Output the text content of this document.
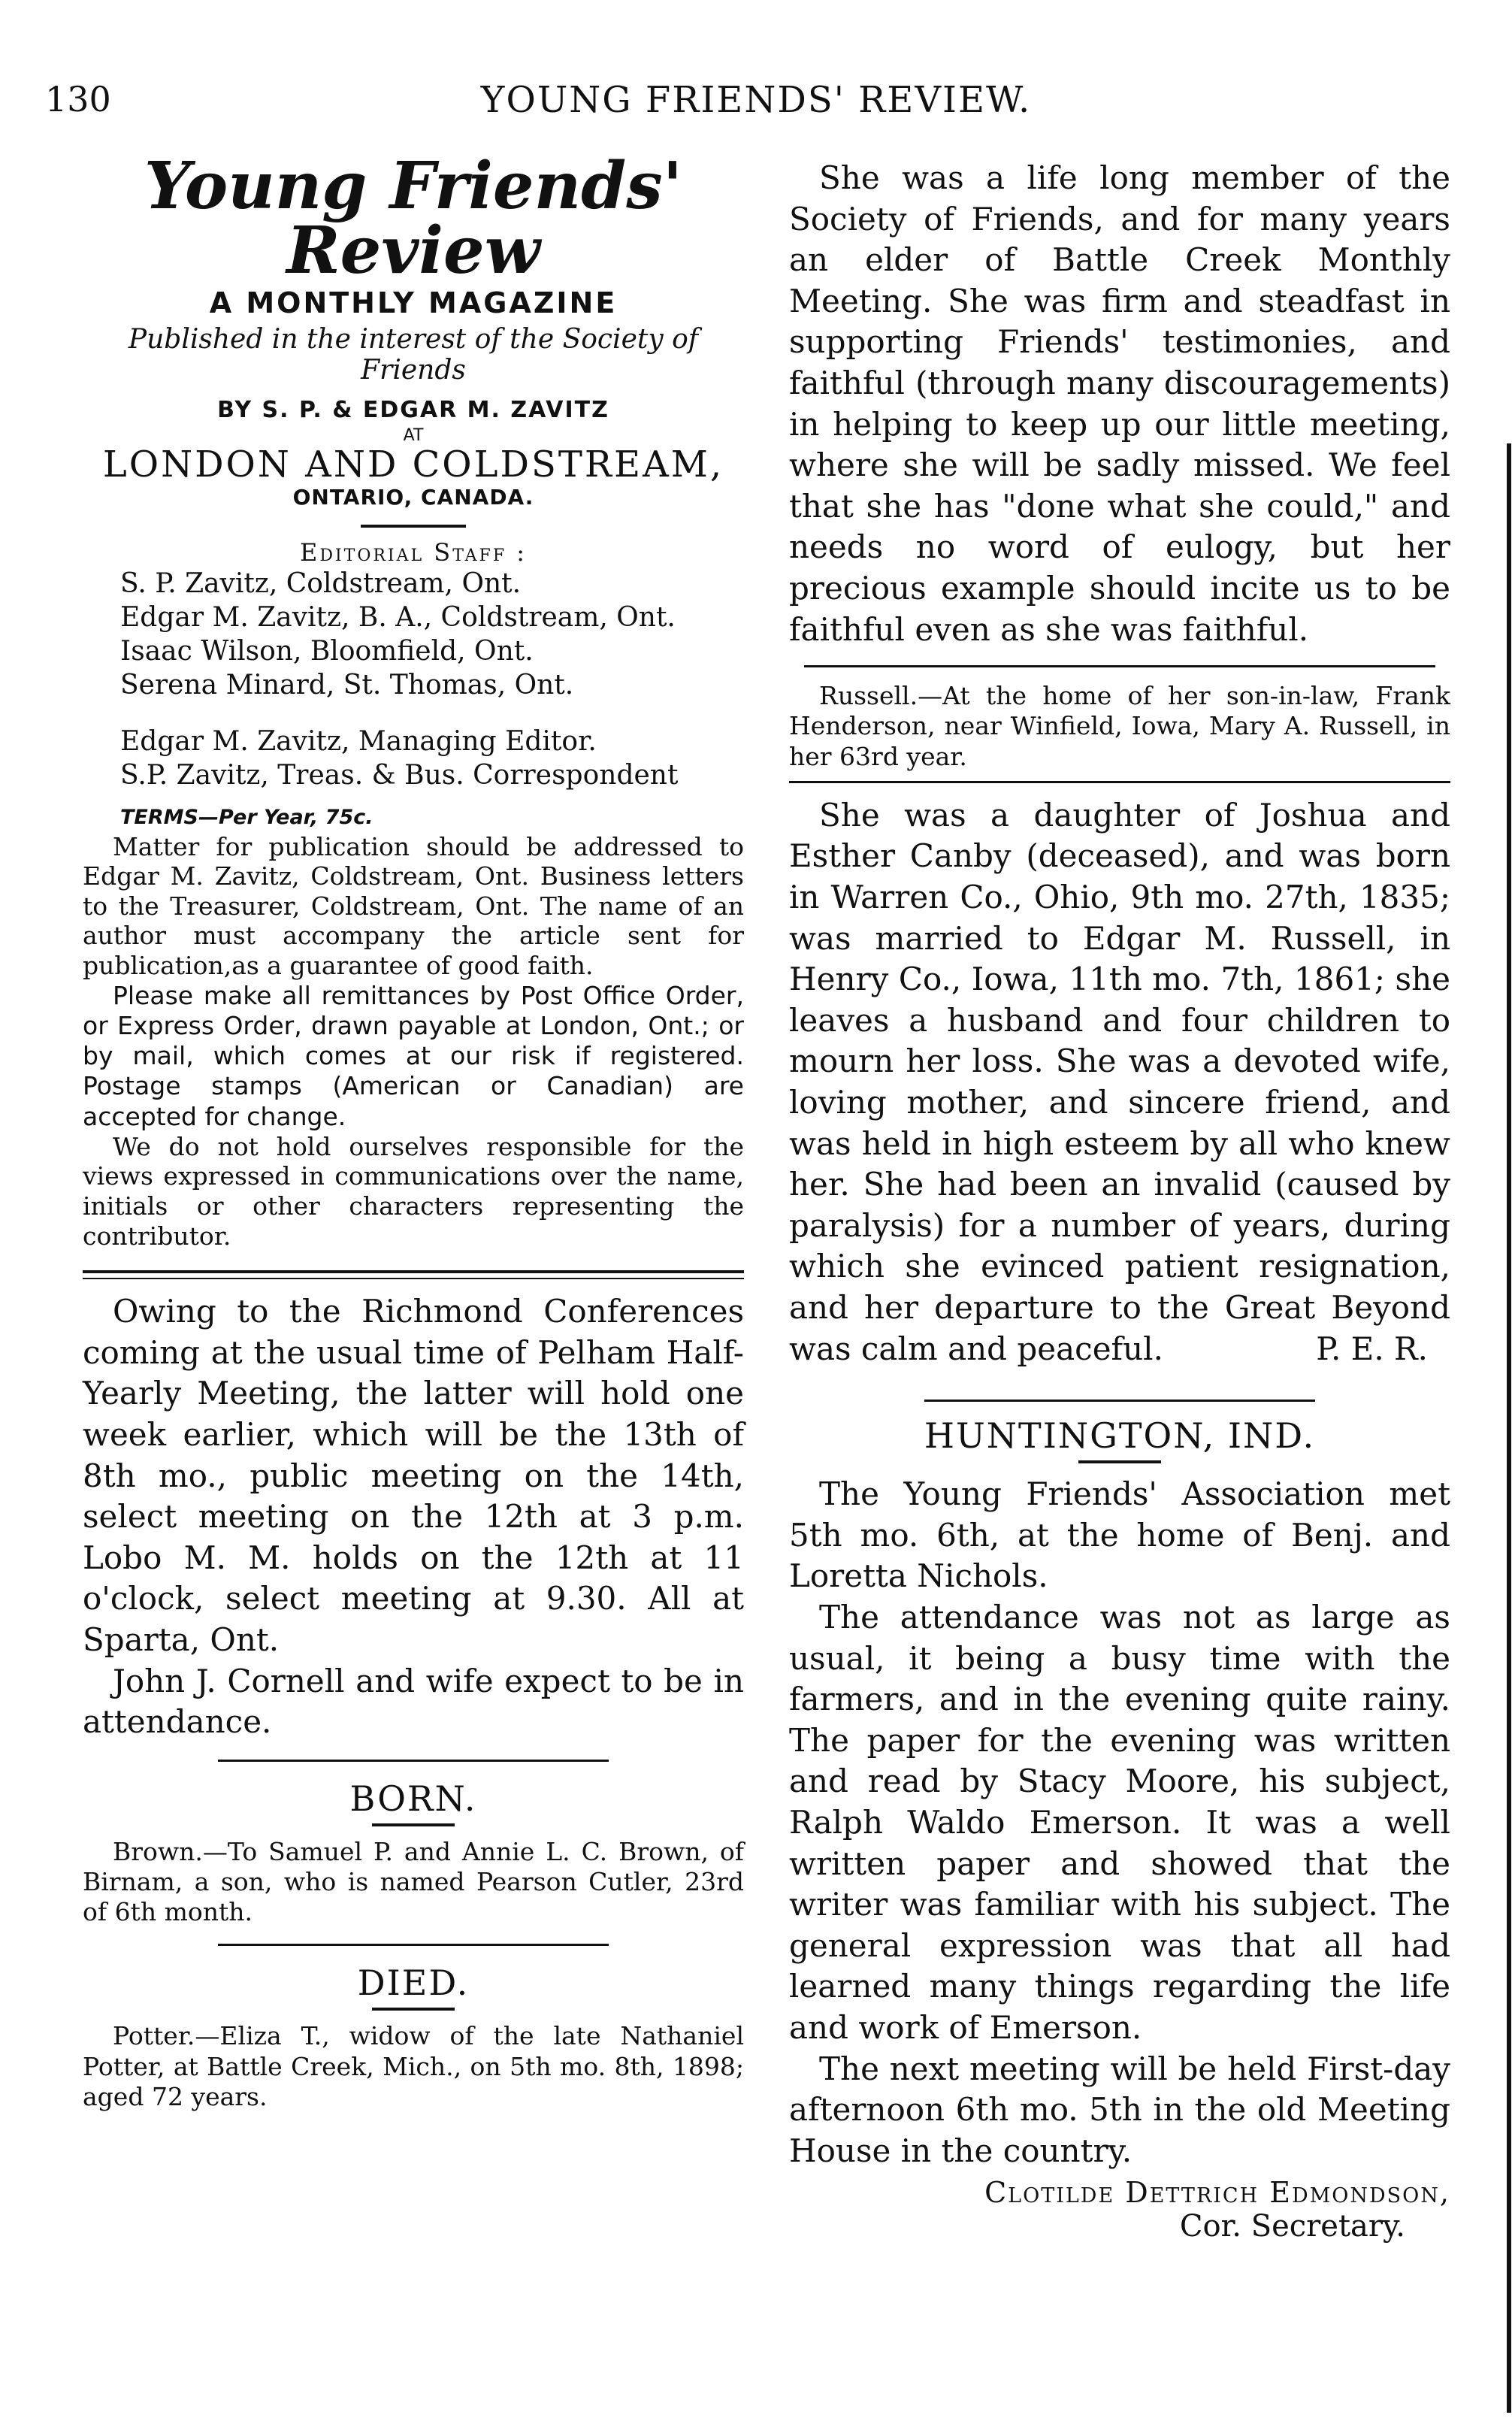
130	YOUNG FRIENDS' REVIEW.
Young Friends' Review
A MONTHLY MAGAZINE
Published in the interest of the Society of Friends
BY S. P. & EDGAR M. ZAVITZ
AT
LONDON AND COLDSTREAM,
ONTARIO, CANADA.
Editorial Staff :
S. P. Zavitz, Coldstream, Ont.
Edgar M. Zavitz, B. A., Coldstream, Ont.
Isaac Wilson, Bloomfield, Ont.
Serena Minard, St. Thomas, Ont.
Edgar M. Zavitz, Managing Editor.
S.P. Zavitz, Treas. & Bus. Correspondent
TERMS—Per Year, 75c.

Matter for publication should be addressed to Edgar M. Zavitz, Coldstream, Ont. Business letters to the Treasurer, Coldstream, Ont. The name of an author must accompany the article sent for publication,as a guarantee of good faith.

Please make all remittances by Post Office Order, or Express Order, drawn payable at London, Ont.; or by mail, which comes at our risk if registered. Postage stamps (American or Canadian) are accepted for change.

We do not hold ourselves responsible for the views expressed in communications over the name, initials or other characters representing the contributor.

Owing to the Richmond Conferences coming at the usual time of Pelham Half-Yearly Meeting, the latter will hold one week earlier, which will be the 13th of 8th mo., public meeting on the 14th, select meeting on the 12th at 3 p.m. Lobo M. M. holds on the 12th at 11 o'clock, select meeting at 9.30. All at Sparta, Ont.

John J. Cornell and wife expect to be in attendance.

BORN.

Brown.—To Samuel P. and Annie L. C. Brown, of Birnam, a son, who is named Pearson Cutler, 23rd of 6th month.

DIED.

Potter.—Eliza T., widow of the late Nathaniel Potter, at Battle Creek, Mich., on 5th mo. 8th, 1898; aged 72 years.

She was a life long member of the Society of Friends, and for many years an elder of Battle Creek Monthly Meeting. She was firm and steadfast in supporting Friends' testimonies, and faithful (through many discouragements) in helping to keep up our little meeting, where she will be sadly missed. We feel that she has "done what she could," and needs no word of eulogy, but her precious example should incite us to be faithful even as she was faithful.

Russell.—At the home of her son-in-law, Frank Henderson, near Winfield, Iowa, Mary A. Russell, in her 63rd year.

She was a daughter of Joshua and Esther Canby (deceased), and was born in Warren Co., Ohio, 9th mo. 27th, 1835; was married to Edgar M. Russell, in Henry Co., Iowa, 11th mo. 7th, 1861; she leaves a husband and four children to mourn her loss. She was a devoted wife, loving mother, and sincere friend, and was held in high esteem by all who knew her. She had been an invalid (caused by paralysis) for a number of years, during which she evinced patient resignation, and her departure to the Great Beyond was calm and peaceful.	P. E. R.

HUNTINGTON, IND.

The Young Friends' Association met 5th mo. 6th, at the home of Benj. and Loretta Nichols.

The attendance was not as large as usual, it being a busy time with the farmers, and in the evening quite rainy. The paper for the evening was written and read by Stacy Moore, his subject, Ralph Waldo Emerson. It was a well written paper and showed that the writer was familiar with his subject. The general expression was that all had learned many things regarding the life and work of Emerson.

The next meeting will be held First-day afternoon 6th mo. 5th in the old Meeting House in the country.

Clotilde Dettrich Edmondson,
Cor. Secretary.
